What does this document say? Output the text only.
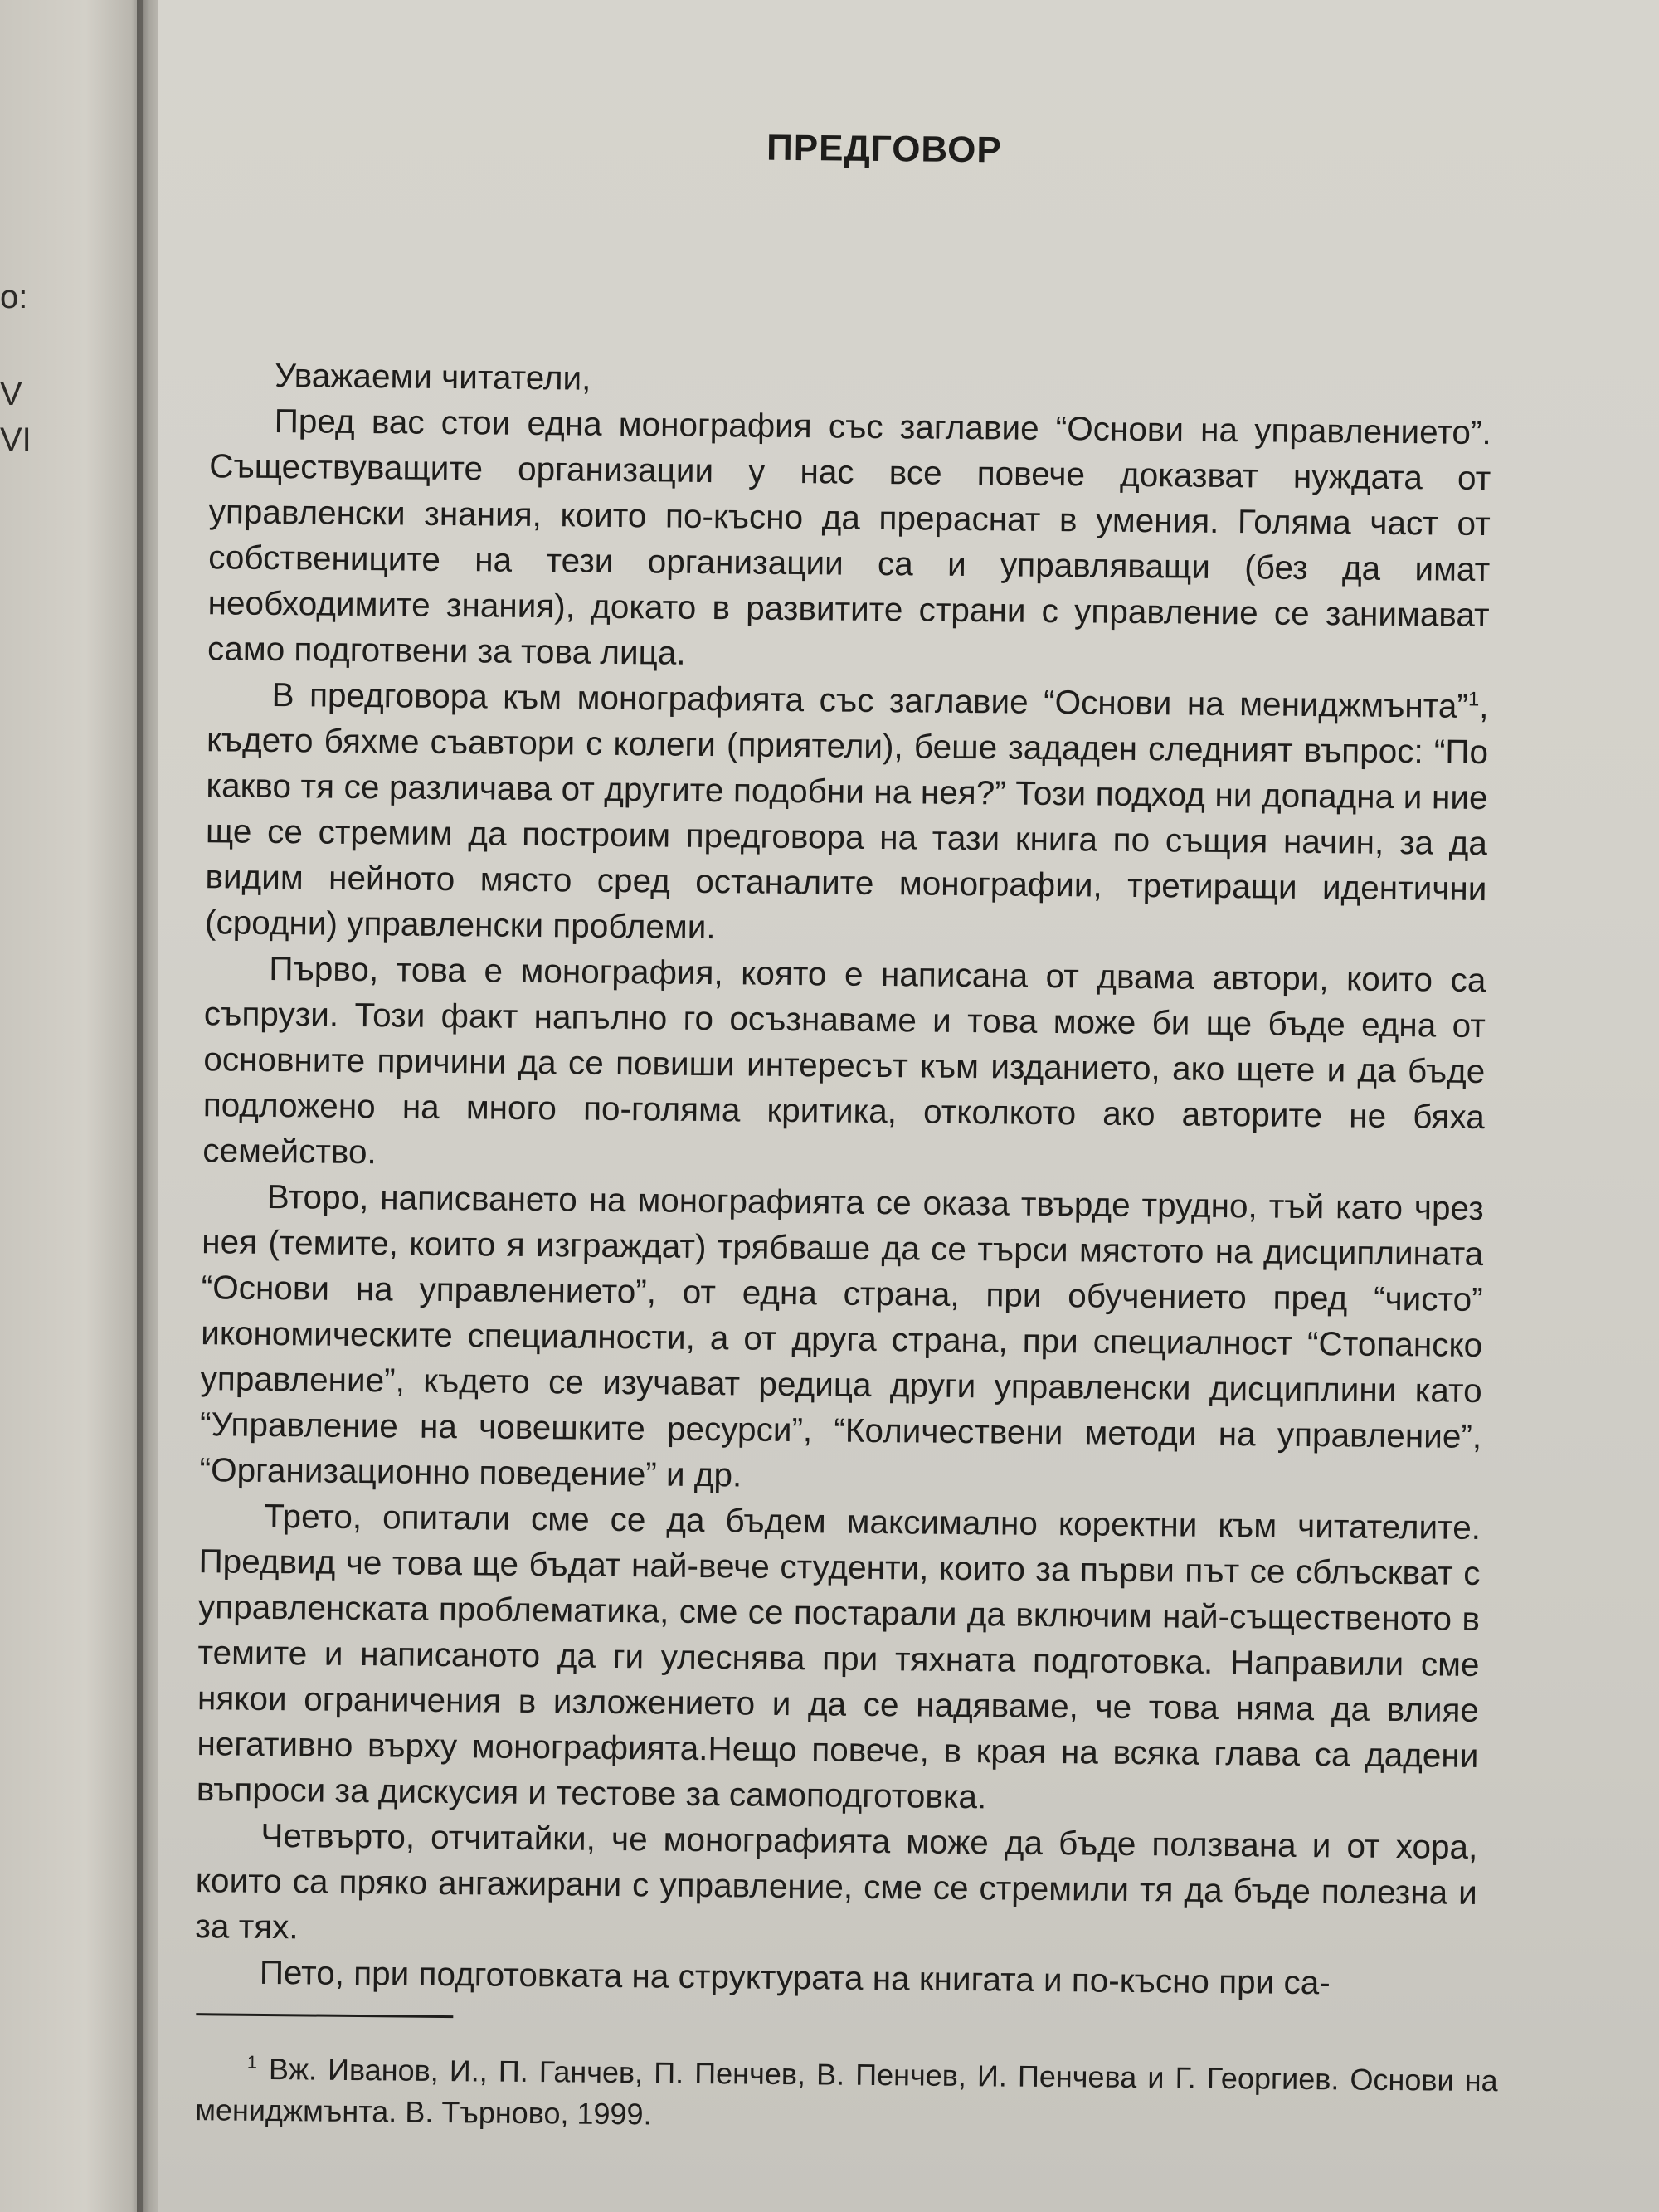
о:
V
VI
ПРЕДГОВОР

Уважаеми читатели,

Пред вас стои една монография със заглавие “Основи на управлението”. Съществуващите организации у нас все повече доказват нуждата от управленски знания, които по-късно да прераснат в умения. Голяма част от собствениците на тези организации са и управляващи (без да имат необходимите знания), докато в развитите страни с управление се занимават само подготвени за това лица.

В предговора към монографията със заглавие “Основи на мениджмънта”$^1$, където бяхме съавтори с колеги (приятели), беше зададен следният въпрос: “По какво тя се различава от другите подобни на нея?” Този подход ни допадна и ние ще се стремим да построим предговора на тази книга по същия начин, за да видим нейното място сред останалите монографии, третиращи идентични (сродни) управленски проблеми.

Първо, това е монография, която е написана от двама автори, които са съпрузи. Този факт напълно го осъзнаваме и това може би ще бъде една от основните причини да се повиши интересът към изданието, ако щете и да бъде подложено на много по-голяма критика, отколкото ако авторите не бяха семейство.

Второ, написването на монографията се оказа твърде трудно, тъй като чрез нея (темите, които я изграждат) трябваше да се търси мястото на дисциплината “Основи на управлението”, от една страна, при обучението пред “чисто” икономическите специалности, а от друга страна, при специалност “Стопанско управление”, където се изучават редица други управленски дисциплини като “Управление на човешките ресурси”, “Количествени методи на управление”, “Организационно поведение” и др.

Трето, опитали сме се да бъдем максимално коректни към читателите. Предвид че това ще бъдат най-вече студенти, които за първи път се сблъскват с управленската проблематика, сме се постарали да включим най-същественото в темите и написаното да ги улеснява при тяхната подготовка. Направили сме някои ограничения в изложението и да се надяваме, че това няма да влияе негативно върху монографията.Нещо повече, в края на всяка глава са дадени въпроси за дискусия и тестове за самоподготовка.

Четвърто, отчитайки, че монографията може да бъде ползвана и от хора, които са пряко ангажирани с управление, сме се стремили тя да бъде полезна и за тях.

Пето, при подготовката на структурата на книгата и по-късно при са-

$^1$ Вж. Иванов, И., П. Ганчев, П. Пенчев, В. Пенчев, И. Пенчева и Г. Георгиев. Основи на мениджмънта. В. Търново, 1999.
